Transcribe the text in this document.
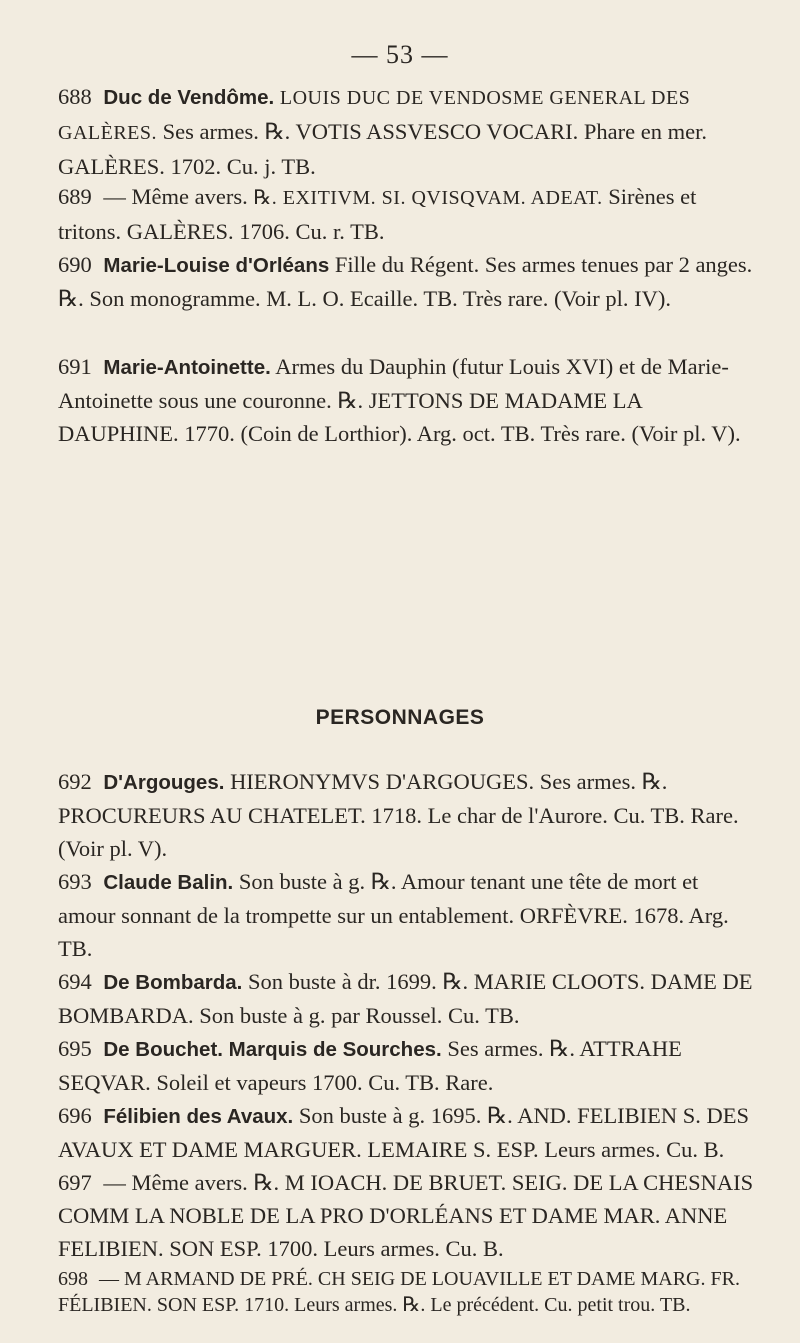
— 53 —
688 Duc de Vendôme. LOUIS DUC DE VENDOSME GENERAL DES GALÈRES. Ses armes. ℞. VOTIS ASSVESCO VOCARI. Phare en mer. GALÈRES. 1702. Cu. j. TB.
689 — Même avers. ℞. EXITIVM. SI. QVISQVAM. ADEAT. Sirènes et tritons. GALÈRES. 1706. Cu. r. TB.
690 Marie-Louise d'Orléans Fille du Régent. Ses armes tenues par 2 anges. ℞. Son monogramme. M. L. O. Ecaille. TB. Très rare. (Voir pl. IV).
691 Marie-Antoinette. Armes du Dauphin (futur Louis XVI) et de Marie-Antoinette sous une couronne. ℞. JETTONS DE MADAME LA DAUPHINE. 1770. (Coin de Lorthior). Arg. oct. TB. Très rare. (Voir pl. V).
PERSONNAGES
692 D'Argouges. HIERONYMVS D'ARGOUGES. Ses armes. ℞. PROCUREURS AU CHATELET. 1718. Le char de l'Aurore. Cu. TB. Rare. (Voir pl. V).
693 Claude Balin. Son buste à g. ℞. Amour tenant une tête de mort et amour sonnant de la trompette sur un entablement. ORFÈVRE. 1678. Arg. TB.
694 De Bombarda. Son buste à dr. 1699. ℞. MARIE CLOOTS. DAME DE BOMBARDA. Son buste à g. par Roussel. Cu. TB.
695 De Bouchet. Marquis de Sourches. Ses armes. ℞. ATTRAHE SEQVAR. Soleil et vapeurs 1700. Cu. TB. Rare.
696 Félibien des Avaux. Son buste à g. 1695. ℞. AND. FELIBIEN S. DES AVAUX ET DAME MARGUER. LEMAIRE S. ESP. Leurs armes. Cu. B.
697 — Même avers. ℞. M IOACH. DE BRUET. SEIG. DE LA CHESNAIS COMM LA NOBLE DE LA PRO D'ORLÉANS ET DAME MAR. ANNE FELIBIEN. SON ESP. 1700. Leurs armes. Cu. B.
698 — M ARMAND DE PRÉ. CH SEIG DE LOUAVILLE ET DAME MARG. FR. FÉLIBIEN. SON ESP. 1710. Leurs armes. ℞. Le précédent. Cu. petit trou. TB.
